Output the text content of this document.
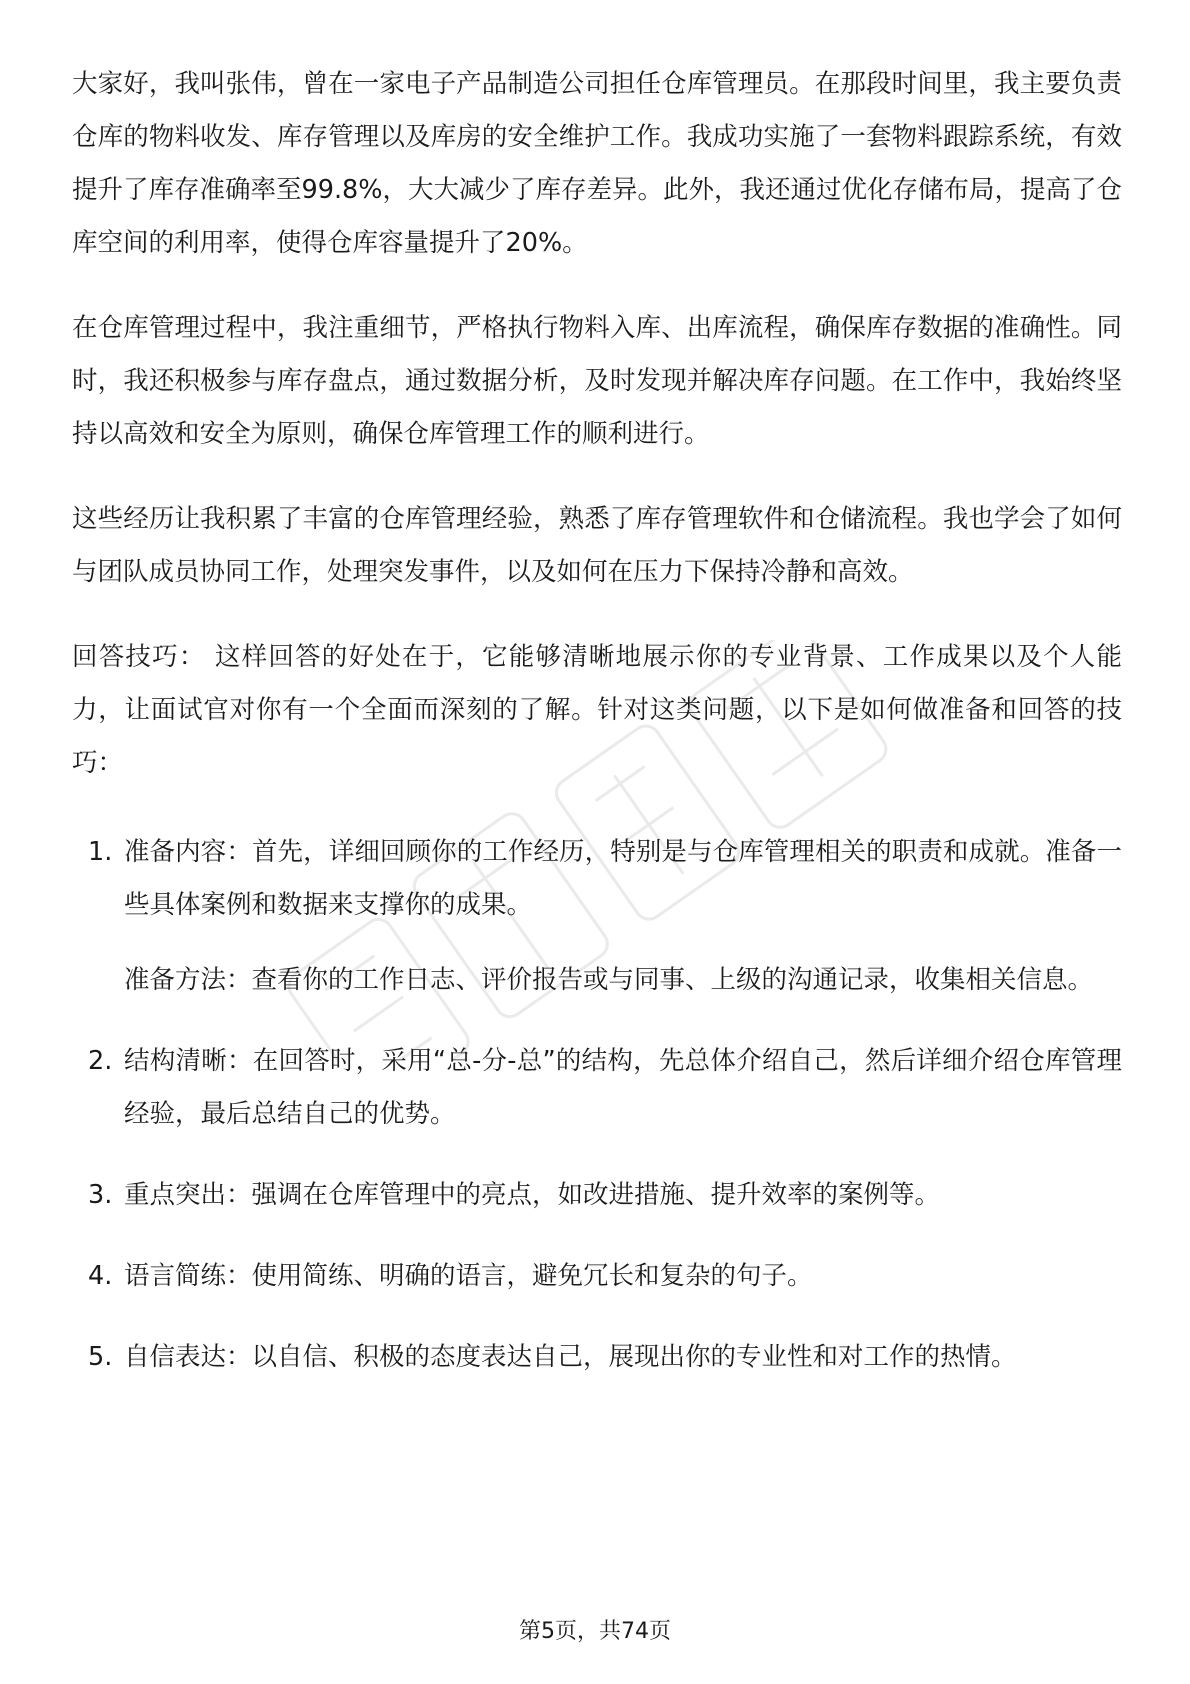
大家好，我叫张伟，曾在一家电子产品制造公司担任仓库管理员。在那段时间里，我主要负责仓库的物料收发、库存管理以及库房的安全维护工作。我成功实施了一套物料跟踪系统，有效提升了库存准确率至99.8%，大大减少了库存差异。此外，我还通过优化存储布局，提高了仓库空间的利用率，使得仓库容量提升了20%。

在仓库管理过程中，我注重细节，严格执行物料入库、出库流程，确保库存数据的准确性。同时，我还积极参与库存盘点，通过数据分析，及时发现并解决库存问题。在工作中，我始终坚持以高效和安全为原则，确保仓库管理工作的顺利进行。

这些经历让我积累了丰富的仓库管理经验，熟悉了库存管理软件和仓储流程。我也学会了如何与团队成员协同工作，处理突发事件，以及如何在压力下保持冷静和高效。

回答技巧： 这样回答的好处在于，它能够清晰地展示你的专业背景、工作成果以及个人能力，让面试官对你有一个全面而深刻的了解。针对这类问题，以下是如何做准备和回答的技巧：

1. 准备内容：首先，详细回顾你的工作经历，特别是与仓库管理相关的职责和成就。准备一些具体案例和数据来支撑你的成果。

准备方法：查看你的工作日志、评价报告或与同事、上级的沟通记录，收集相关信息。

2. 结构清晰：在回答时，采用“总-分-总”的结构，先总体介绍自己，然后详细介绍仓库管理经验，最后总结自己的优势。

3. 重点突出：强调在仓库管理中的亮点，如改进措施、提升效率的案例等。

4. 语言简练：使用简练、明确的语言，避免冗长和复杂的句子。

5. 自信表达：以自信、积极的态度表达自己，展现出你的专业性和对工作的热情。

第5页，共74页
